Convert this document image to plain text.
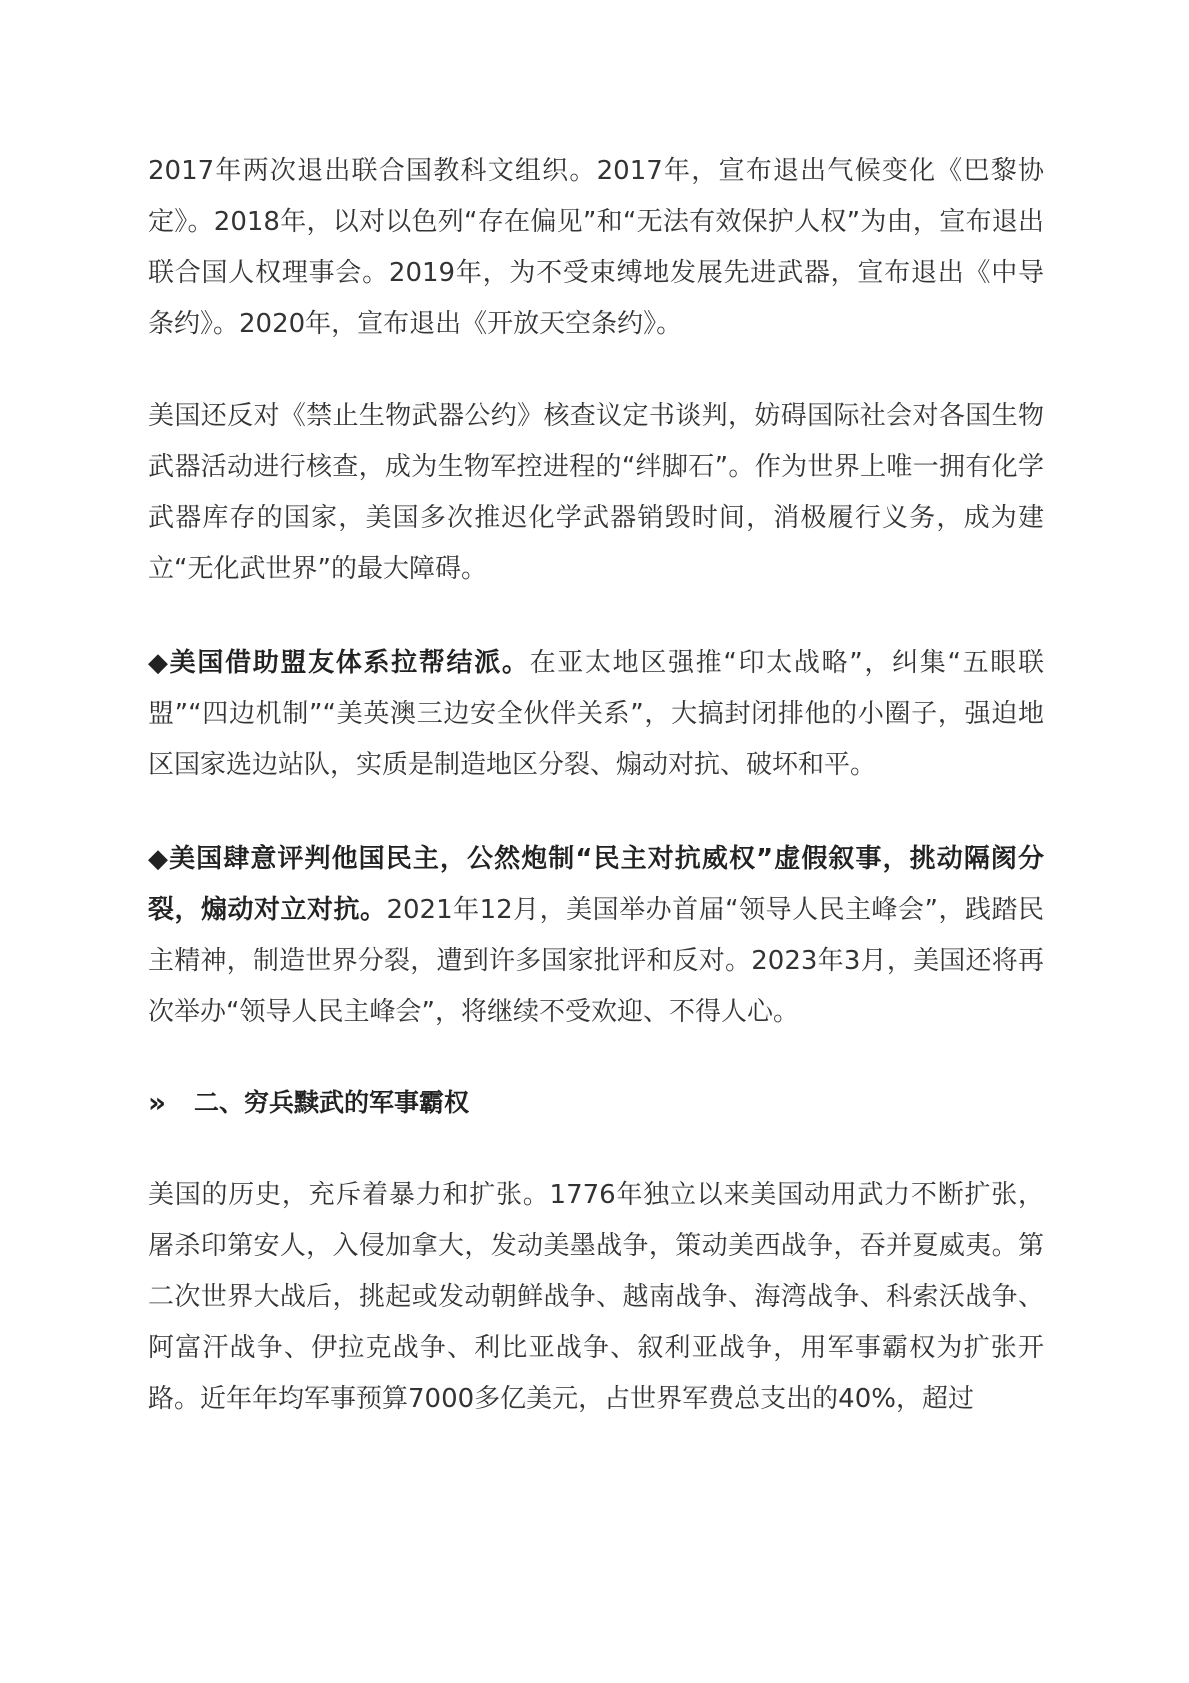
2017年两次退出联合国教科文组织。2017年，宣布退出气候变化《巴黎协定》。2018年，以对以色列“存在偏见”和“无法有效保护人权”为由，宣布退出联合国人权理事会。2019年，为不受束缚地发展先进武器，宣布退出《中导条约》。2020年，宣布退出《开放天空条约》。

美国还反对《禁止生物武器公约》核查议定书谈判，妨碍国际社会对各国生物武器活动进行核查，成为生物军控进程的“绊脚石”。作为世界上唯一拥有化学武器库存的国家，美国多次推迟化学武器销毁时间，消极履行义务，成为建立“无化武世界”的最大障碍。

◆美国借助盟友体系拉帮结派。在亚太地区强推“印太战略”，纠集“五眼联盟”“四边机制”“美英澳三边安全伙伴关系”，大搞封闭排他的小圈子，强迫地区国家选边站队，实质是制造地区分裂、煽动对抗、破坏和平。

◆美国肆意评判他国民主，公然炮制“民主对抗威权”虚假叙事，挑动隔阂分裂，煽动对立对抗。2021年12月，美国举办首届“领导人民主峰会”，践踏民主精神，制造世界分裂，遭到许多国家批评和反对。2023年3月，美国还将再次举办“领导人民主峰会”，将继续不受欢迎、不得人心。

»	二、穷兵黩武的军事霸权

美国的历史，充斥着暴力和扩张。1776年独立以来美国动用武力不断扩张，屠杀印第安人，入侵加拿大，发动美墨战争，策动美西战争，吞并夏威夷。第二次世界大战后，挑起或发动朝鲜战争、越南战争、海湾战争、科索沃战争、阿富汗战争、伊拉克战争、利比亚战争、叙利亚战争，用军事霸权为扩张开路。近年年均军事预算7000多亿美元，占世界军费总支出的40%，超过
